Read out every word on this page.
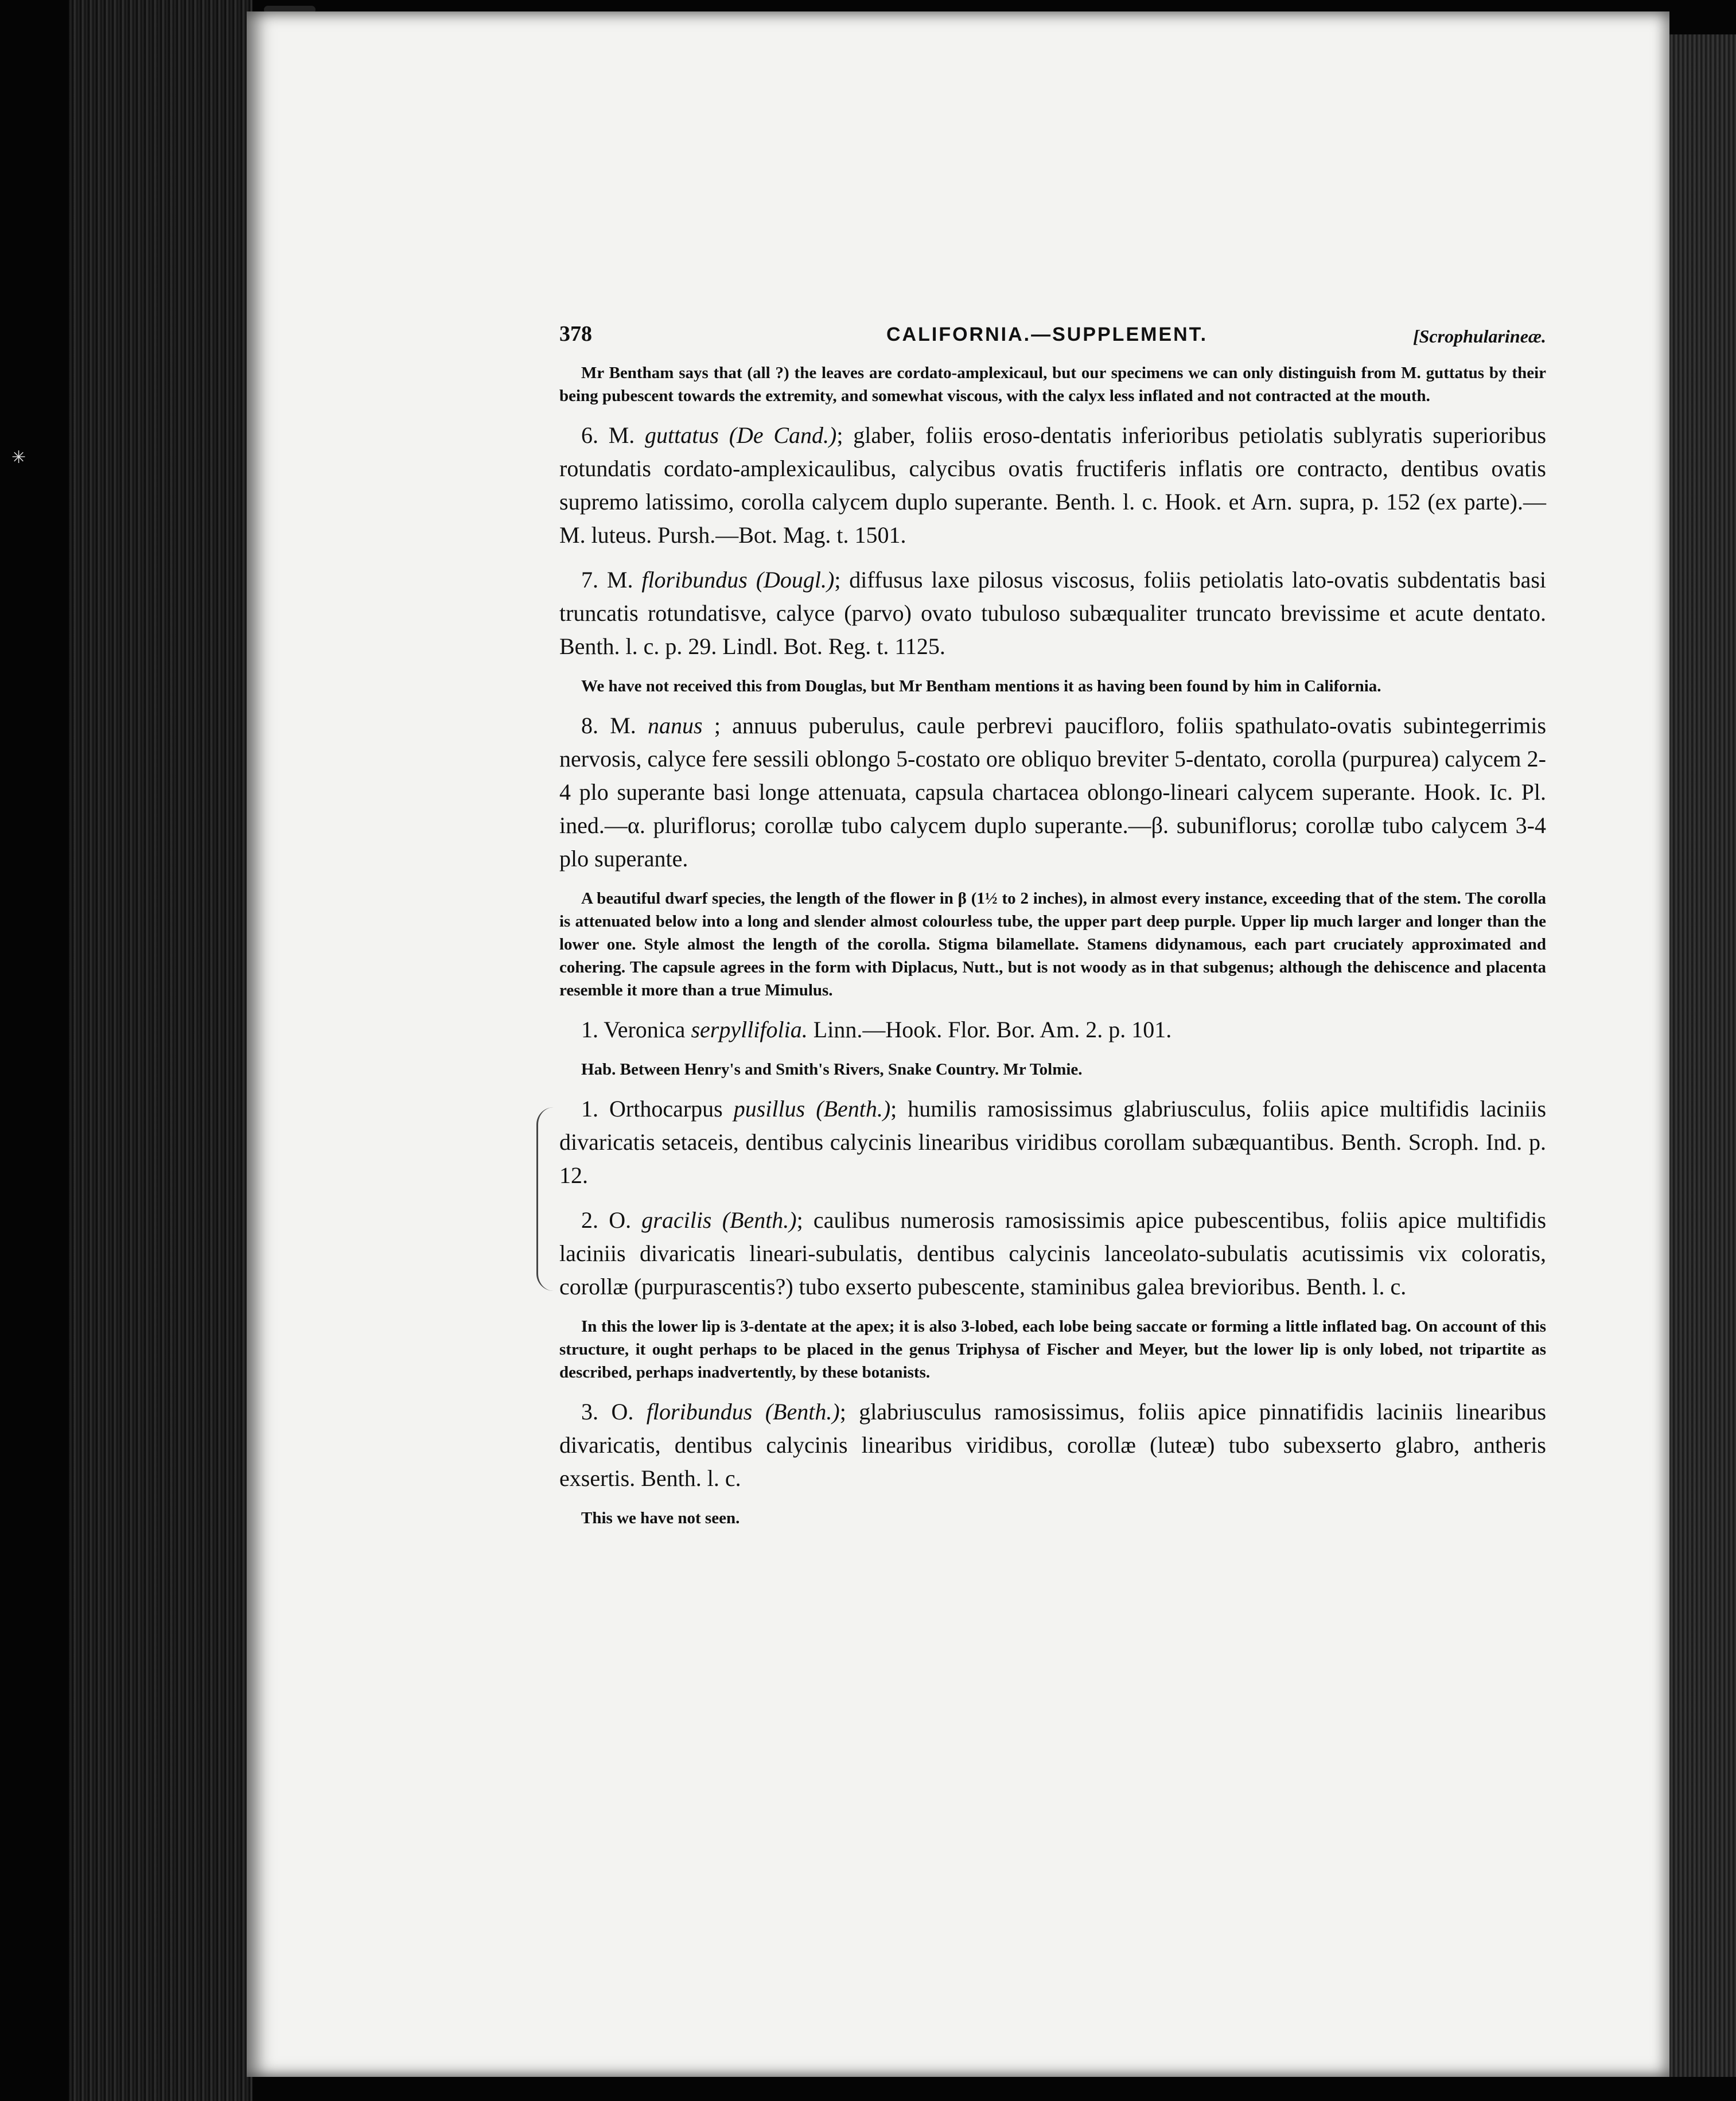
✳
378	CALIFORNIA.—SUPPLEMENT.	[Scrophularineæ.

Mr Bentham says that (all ?) the leaves are cordato-amplexicaul, but our specimens we can only distinguish from M. guttatus by their being pubescent towards the extremity, and somewhat viscous, with the calyx less inflated and not contracted at the mouth.

6. M. guttatus (De Cand.); glaber, foliis eroso-dentatis inferioribus petiolatis sublyratis superioribus rotundatis cordato-amplexicaulibus, calycibus ovatis fructiferis inflatis ore contracto, dentibus ovatis supremo latissimo, corolla calycem duplo superante. Benth. l. c. Hook. et Arn. supra, p. 152 (ex parte).—M. luteus. Pursh.—Bot. Mag. t. 1501.

7. M. floribundus (Dougl.); diffusus laxe pilosus viscosus, foliis petiolatis lato-ovatis subdentatis basi truncatis rotundatisve, calyce (parvo) ovato tubuloso subæqualiter truncato brevissime et acute dentato. Benth. l. c. p. 29. Lindl. Bot. Reg. t. 1125.

We have not received this from Douglas, but Mr Bentham mentions it as having been found by him in California.

8. M. nanus ; annuus puberulus, caule perbrevi paucifloro, foliis spathulato-ovatis subintegerrimis nervosis, calyce fere sessili oblongo 5-costato ore obliquo breviter 5-dentato, corolla (purpurea) calycem 2-4 plo superante basi longe attenuata, capsula chartacea oblongo-lineari calycem superante. Hook. Ic. Pl. ined.—α. pluriflorus; corollæ tubo calycem duplo superante.—β. subuniflorus; corollæ tubo calycem 3-4 plo superante.

A beautiful dwarf species, the length of the flower in β (1½ to 2 inches), in almost every instance, exceeding that of the stem. The corolla is attenuated below into a long and slender almost colourless tube, the upper part deep purple. Upper lip much larger and longer than the lower one. Style almost the length of the corolla. Stigma bilamellate. Stamens didynamous, each part cruciately approximated and cohering. The capsule agrees in the form with Diplacus, Nutt., but is not woody as in that subgenus; although the dehiscence and placenta resemble it more than a true Mimulus.

1. Veronica serpyllifolia. Linn.—Hook. Flor. Bor. Am. 2. p. 101.

Hab. Between Henry's and Smith's Rivers, Snake Country. Mr Tolmie.

1. Orthocarpus pusillus (Benth.); humilis ramosissimus glabriusculus, foliis apice multifidis laciniis divaricatis setaceis, dentibus calycinis linearibus viridibus corollam subæquantibus. Benth. Scroph. Ind. p. 12.

2. O. gracilis (Benth.); caulibus numerosis ramosissimis apice pubescentibus, foliis apice multifidis laciniis divaricatis lineari-subulatis, dentibus calycinis lanceolato-subulatis acutissimis vix coloratis, corollæ (purpurascentis?) tubo exserto pubescente, staminibus galea brevioribus. Benth. l. c.

In this the lower lip is 3-dentate at the apex; it is also 3-lobed, each lobe being saccate or forming a little inflated bag. On account of this structure, it ought perhaps to be placed in the genus Triphysa of Fischer and Meyer, but the lower lip is only lobed, not tripartite as described, perhaps inadvertently, by these botanists.

3. O. floribundus (Benth.); glabriusculus ramosissimus, foliis apice pinnatifidis laciniis linearibus divaricatis, dentibus calycinis linearibus viridibus, corollæ (luteæ) tubo subexserto glabro, antheris exsertis. Benth. l. c.

This we have not seen.
